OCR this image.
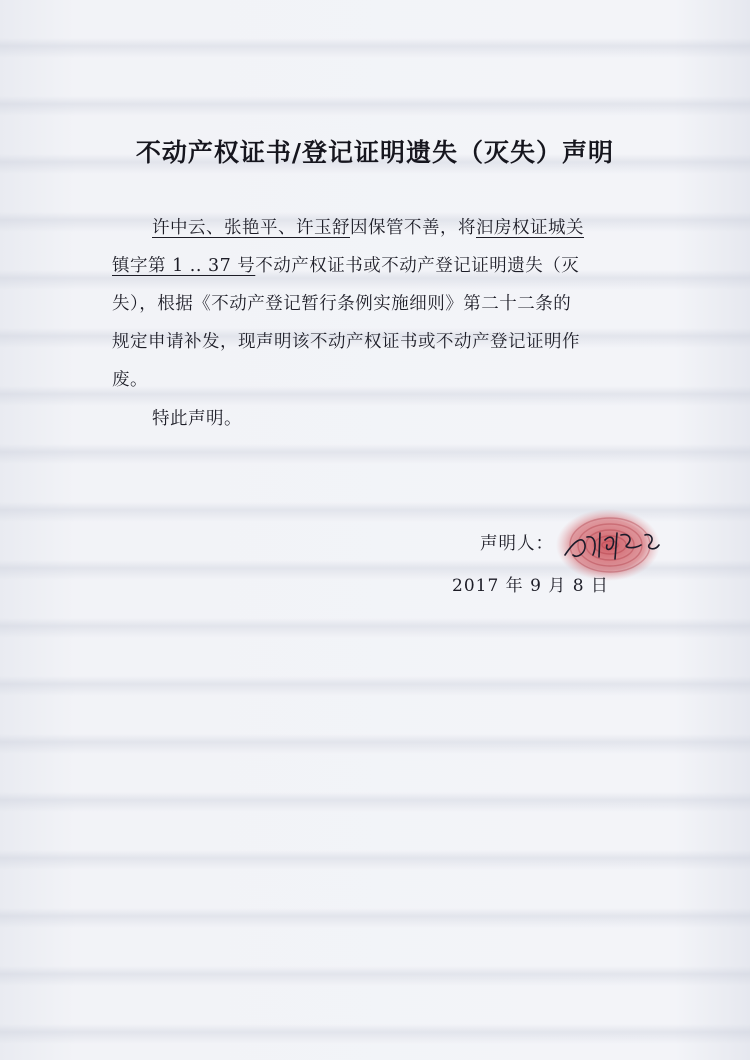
不动产权证书/登记证明遗失（灭失）声明
许中云、张艳平、许玉舒因保管不善，将汩房权证城关
镇字第 1 .. 37 号不动产权证书或不动产登记证明遗失（灭
失），根据《不动产登记暂行条例实施细则》第二十二条的
规定申请补发，现声明该不动产权证书或不动产登记证明作
废。
特此声明。
声明人：
2017 年 9 月 8 日
